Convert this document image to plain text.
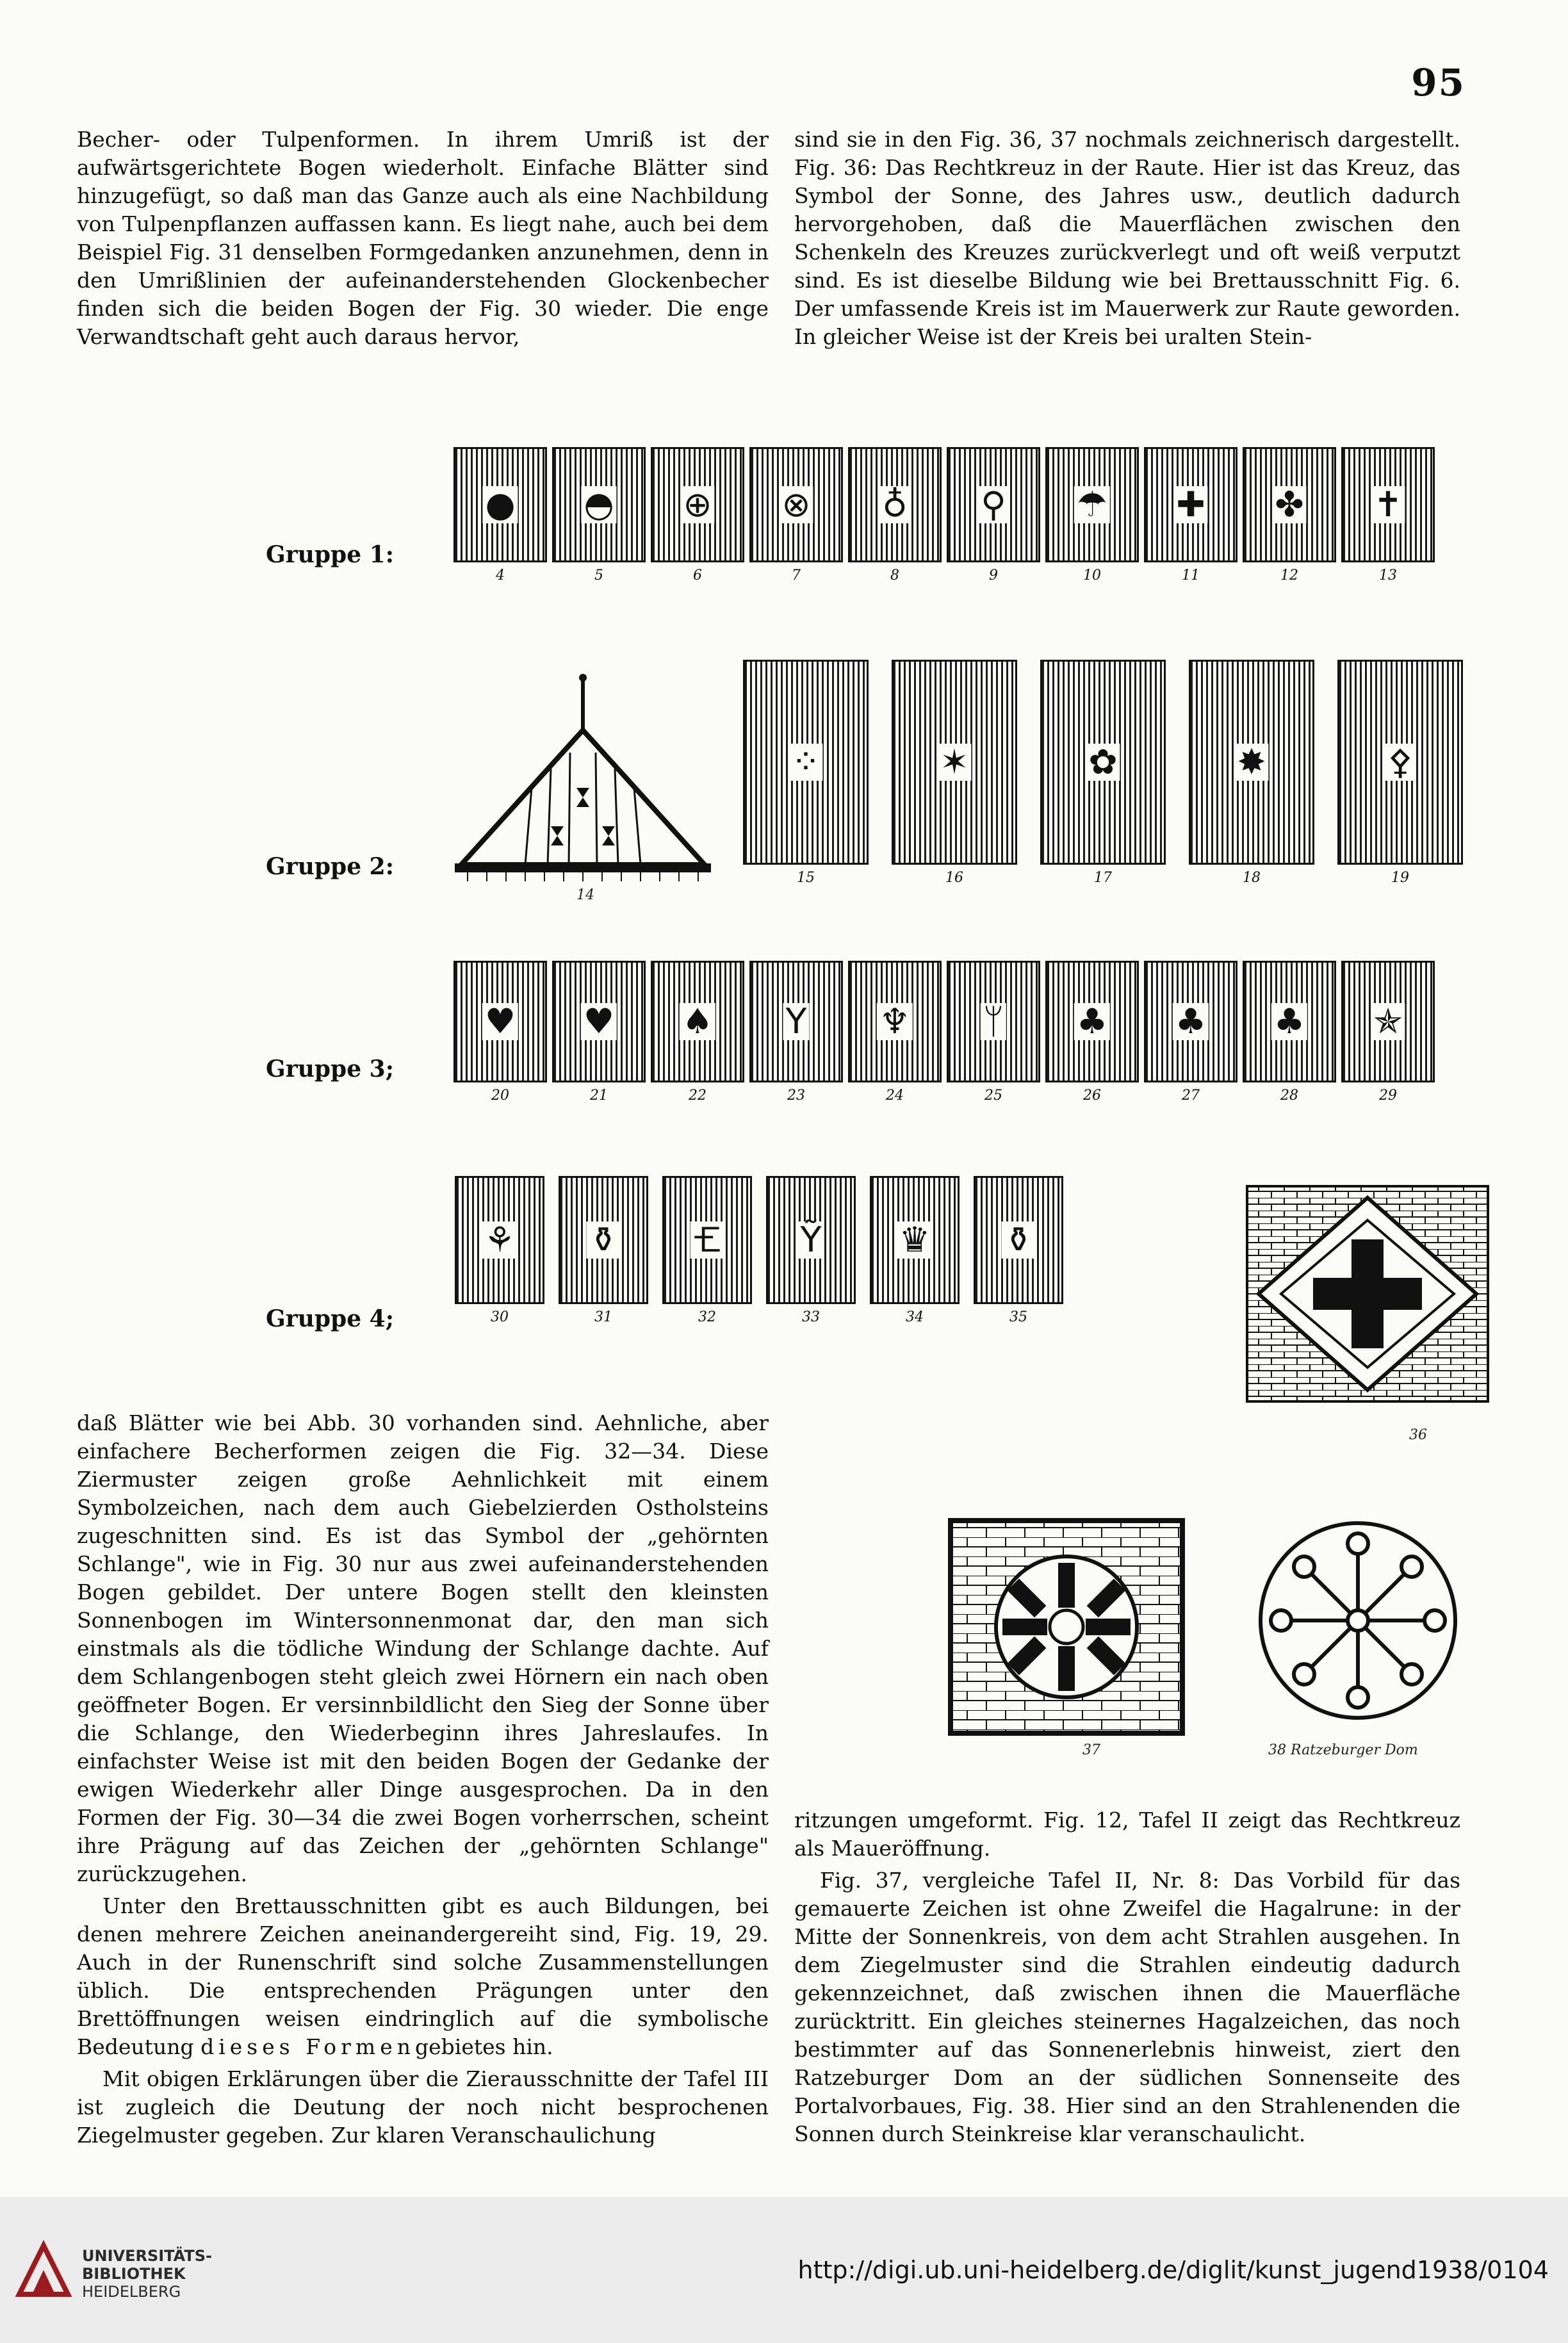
95

Becher- oder Tulpenformen. In ihrem Umriß ist der aufwärtsgerichtete Bogen wiederholt. Einfache Blätter sind hinzugefügt, so daß man das Ganze auch als eine Nachbildung von Tulpenpflanzen auffassen kann. Es liegt nahe, auch bei dem Beispiel Fig. 31 denselben Formgedanken anzunehmen, denn in den Umrißlinien der aufeinanderstehenden Glockenbecher finden sich die beiden Bogen der Fig. 30 wieder. Die enge Verwandtschaft geht auch daraus hervor,

sind sie in den Fig. 36, 37 nochmals zeichnerisch dargestellt. Fig. 36: Das Rechtkreuz in der Raute. Hier ist das Kreuz, das Symbol der Sonne, des Jahres usw., deutlich dadurch hervorgehoben, daß die Mauerflächen zwischen den Schenkeln des Kreuzes zurückverlegt und oft weiß verputzt sind. Es ist dieselbe Bildung wie bei Brettausschnitt Fig. 6. Der umfassende Kreis ist im Mauerwerk zur Raute geworden. In gleicher Weise ist der Kreis bei uralten Stein-

Gruppe 1:
●
4
◓
5
⊕
6
⊗
7
♁
8
⚲
9
☂
10
✚
11
✤
12
✝
13
Gruppe 2:
14
⁘
15
✶
16
✿
17
✸
18
⚴
19
Gruppe 3;
♥
20
♥
21
♠
22
Y
23
♆
24
ᛘ
25
♣
26
♣
27
♣
28
✯
29
Gruppe 4;
⚘
30
⚱
31
🝗
32
Ỹ
33
♛
34
⚱
35
36
37	38 Ratzeburger Dom

daß Blätter wie bei Abb. 30 vorhanden sind. Aehnliche, aber einfachere Becherformen zeigen die Fig. 32—34. Diese Ziermuster zeigen große Aehnlichkeit mit einem Symbolzeichen, nach dem auch Giebelzierden Ostholsteins zugeschnitten sind. Es ist das Symbol der „gehörnten Schlange", wie in Fig. 30 nur aus zwei aufeinanderstehenden Bogen gebildet. Der untere Bogen stellt den kleinsten Sonnenbogen im Wintersonnenmonat dar, den man sich einstmals als die tödliche Windung der Schlange dachte. Auf dem Schlangenbogen steht gleich zwei Hörnern ein nach oben geöffneter Bogen. Er versinnbildlicht den Sieg der Sonne über die Schlange, den Wiederbeginn ihres Jahreslaufes. In einfachster Weise ist mit den beiden Bogen der Gedanke der ewigen Wiederkehr aller Dinge ausgesprochen. Da in den Formen der Fig. 30—34 die zwei Bogen vorherrschen, scheint ihre Prägung auf das Zeichen der „gehörnten Schlange" zurückzugehen.

Unter den Brettausschnitten gibt es auch Bildungen, bei denen mehrere Zeichen aneinandergereiht sind, Fig. 19, 29. Auch in der Runenschrift sind solche Zusammenstellungen üblich. Die entsprechenden Prägungen unter den Brettöffnungen weisen eindringlich auf die symbolische Bedeutung dieses Formengebietes hin.

Mit obigen Erklärungen über die Zierausschnitte der Tafel III ist zugleich die Deutung der noch nicht besprochenen Ziegelmuster gegeben. Zur klaren Veranschaulichung

ritzungen umgeformt. Fig. 12, Tafel II zeigt das Rechtkreuz als Maueröffnung.

Fig. 37, vergleiche Tafel II, Nr. 8: Das Vorbild für das gemauerte Zeichen ist ohne Zweifel die Hagalrune: in der Mitte der Sonnenkreis, von dem acht Strahlen ausgehen. In dem Ziegelmuster sind die Strahlen eindeutig dadurch gekennzeichnet, daß zwischen ihnen die Mauerfläche zurücktritt. Ein gleiches steinernes Hagalzeichen, das noch bestimmter auf das Sonnenerlebnis hinweist, ziert den Ratzeburger Dom an der südlichen Sonnenseite des Portalvorbaues, Fig. 38. Hier sind an den Strahlenenden die Sonnen durch Steinkreise klar veranschaulicht.

UNIVERSITÄTS-
BIBLIOTHEK
HEIDELBERG
http://digi.ub.uni-heidelberg.de/diglit/kunst_jugend1938/0104
